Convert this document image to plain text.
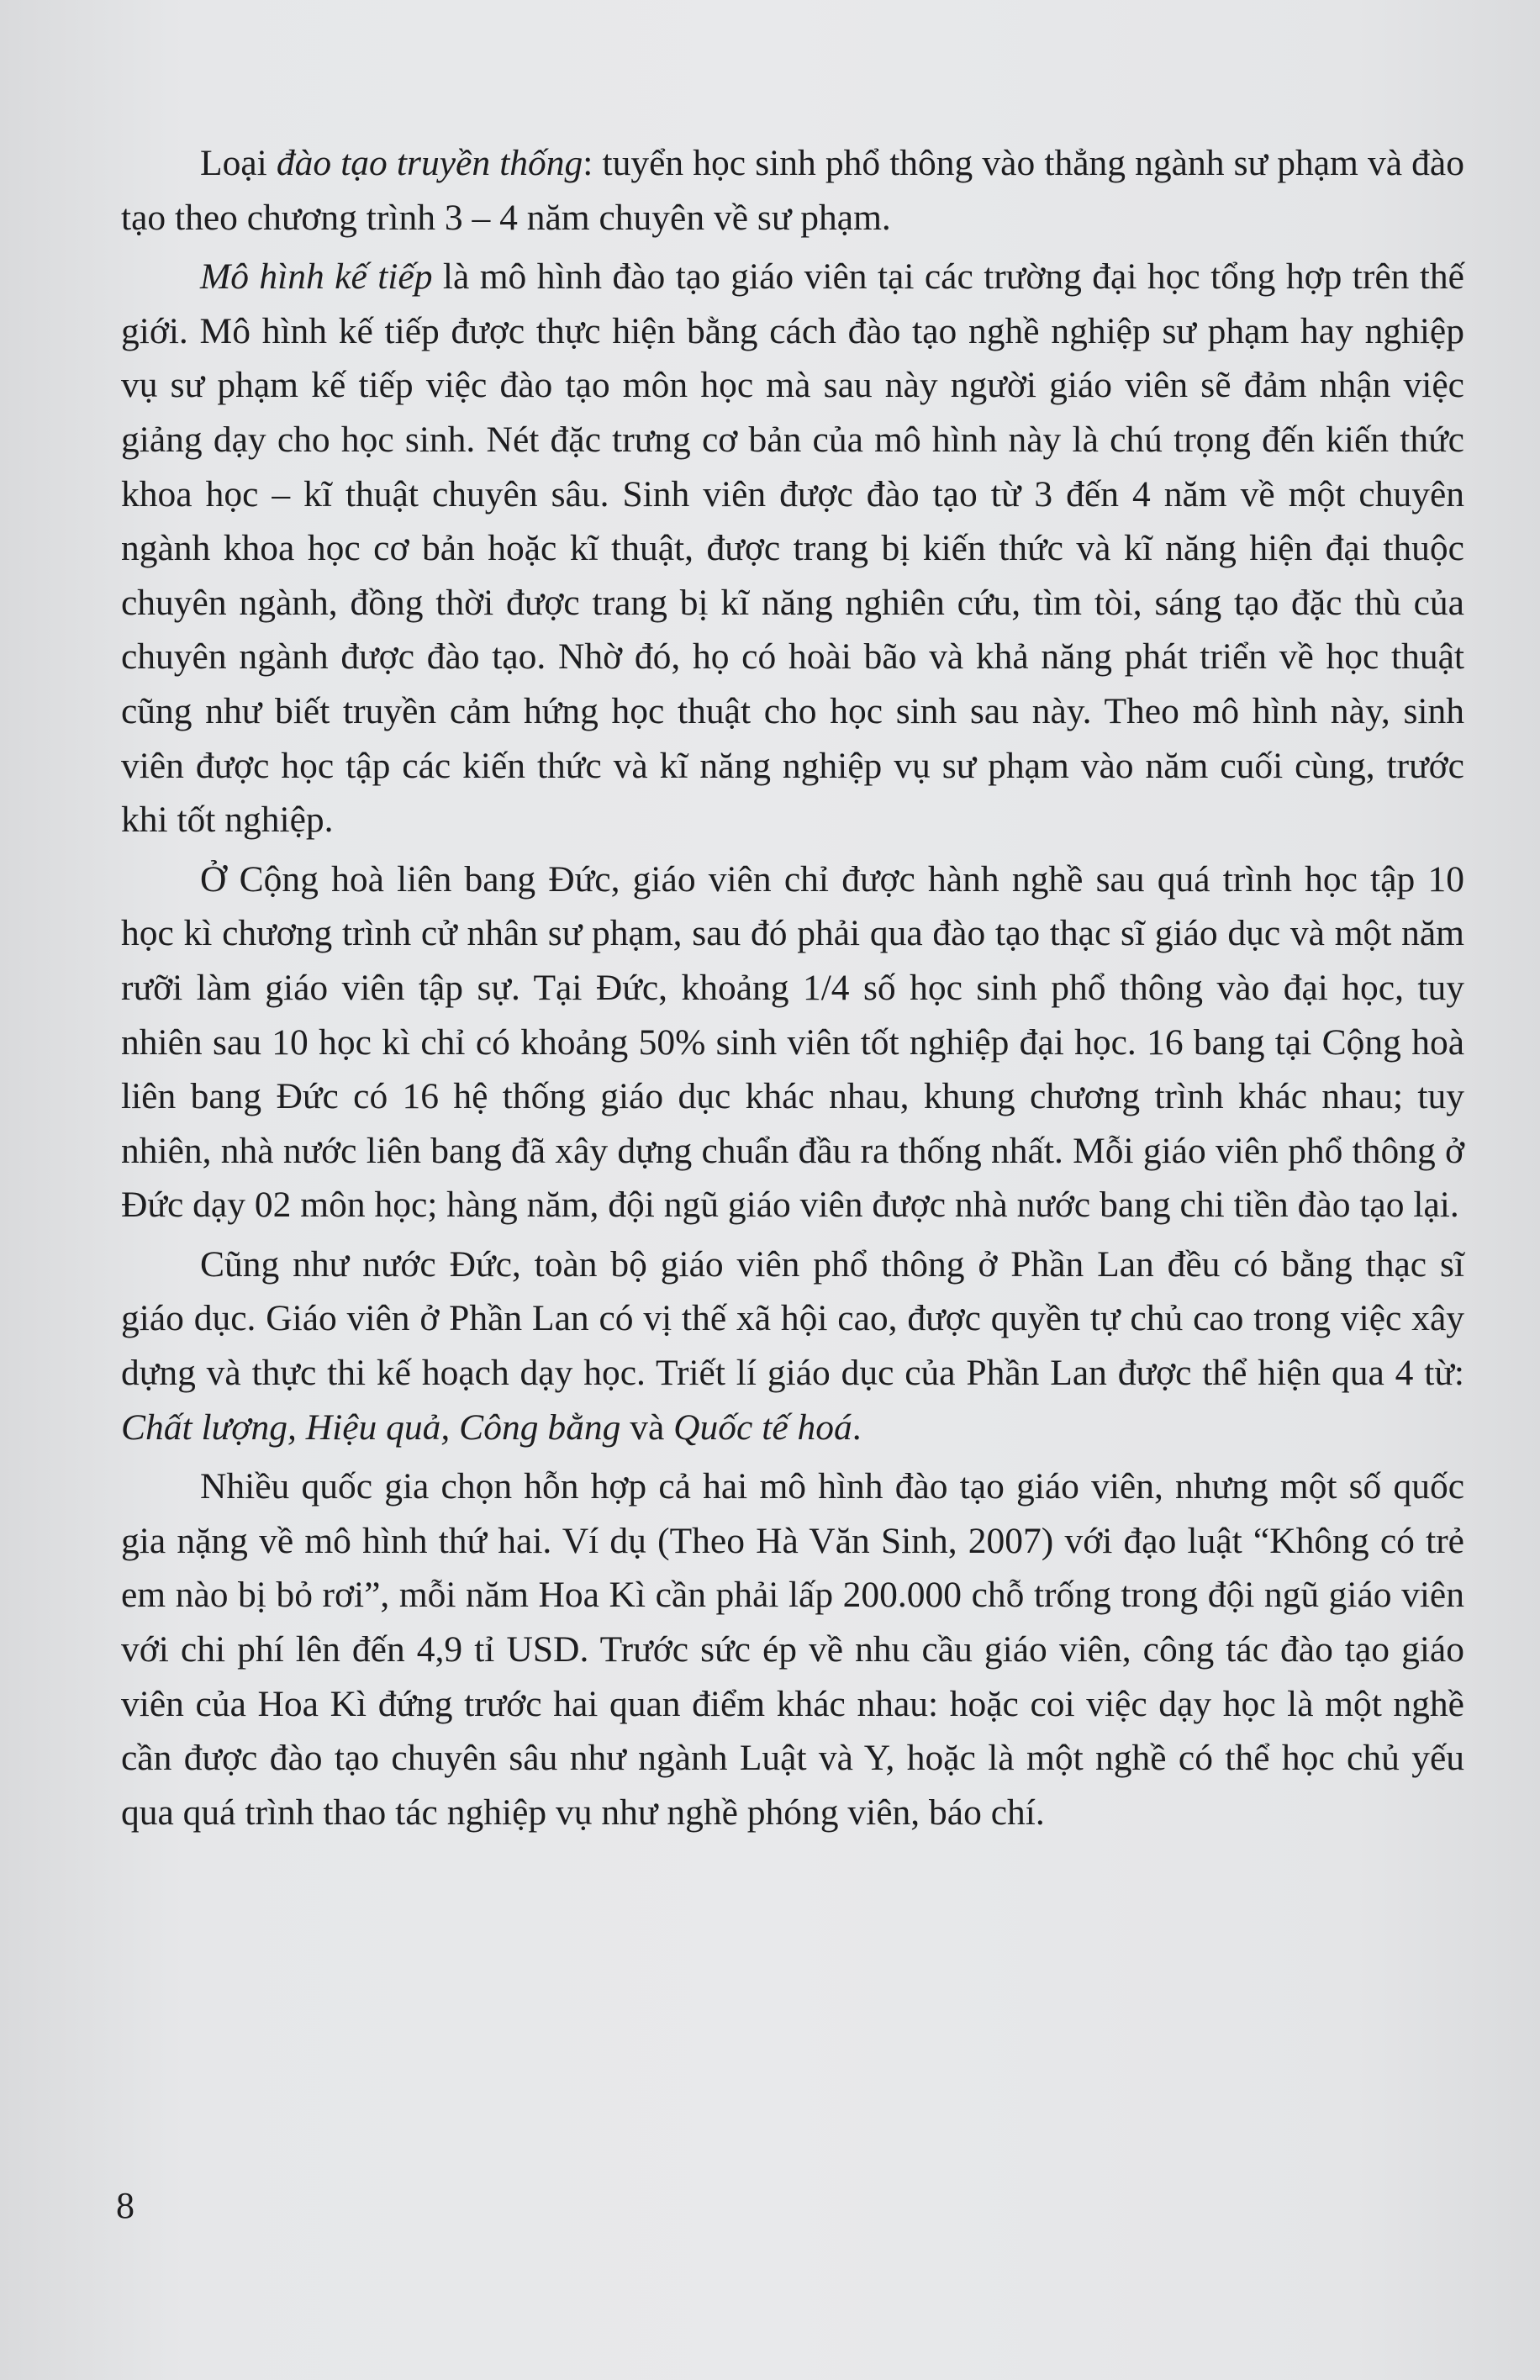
Loại đào tạo truyền thống: tuyển học sinh phổ thông vào thẳng ngành sư phạm và đào tạo theo chương trình 3 – 4 năm chuyên về sư phạm.

Mô hình kế tiếp là mô hình đào tạo giáo viên tại các trường đại học tổng hợp trên thế giới. Mô hình kế tiếp được thực hiện bằng cách đào tạo nghề nghiệp sư phạm hay nghiệp vụ sư phạm kế tiếp việc đào tạo môn học mà sau này người giáo viên sẽ đảm nhận việc giảng dạy cho học sinh. Nét đặc trưng cơ bản của mô hình này là chú trọng đến kiến thức khoa học – kĩ thuật chuyên sâu. Sinh viên được đào tạo từ 3 đến 4 năm về một chuyên ngành khoa học cơ bản hoặc kĩ thuật, được trang bị kiến thức và kĩ năng hiện đại thuộc chuyên ngành, đồng thời được trang bị kĩ năng nghiên cứu, tìm tòi, sáng tạo đặc thù của chuyên ngành được đào tạo. Nhờ đó, họ có hoài bão và khả năng phát triển về học thuật cũng như biết truyền cảm hứng học thuật cho học sinh sau này. Theo mô hình này, sinh viên được học tập các kiến thức và kĩ năng nghiệp vụ sư phạm vào năm cuối cùng, trước khi tốt nghiệp.

Ở Cộng hoà liên bang Đức, giáo viên chỉ được hành nghề sau quá trình học tập 10 học kì chương trình cử nhân sư phạm, sau đó phải qua đào tạo thạc sĩ giáo dục và một năm rưỡi làm giáo viên tập sự. Tại Đức, khoảng 1/4 số học sinh phổ thông vào đại học, tuy nhiên sau 10 học kì chỉ có khoảng 50% sinh viên tốt nghiệp đại học. 16 bang tại Cộng hoà liên bang Đức có 16 hệ thống giáo dục khác nhau, khung chương trình khác nhau; tuy nhiên, nhà nước liên bang đã xây dựng chuẩn đầu ra thống nhất. Mỗi giáo viên phổ thông ở Đức dạy 02 môn học; hàng năm, đội ngũ giáo viên được nhà nước bang chi tiền đào tạo lại.

Cũng như nước Đức, toàn bộ giáo viên phổ thông ở Phần Lan đều có bằng thạc sĩ giáo dục. Giáo viên ở Phần Lan có vị thế xã hội cao, được quyền tự chủ cao trong việc xây dựng và thực thi kế hoạch dạy học. Triết lí giáo dục của Phần Lan được thể hiện qua 4 từ: Chất lượng, Hiệu quả, Công bằng và Quốc tế hoá.

Nhiều quốc gia chọn hỗn hợp cả hai mô hình đào tạo giáo viên, nhưng một số quốc gia nặng về mô hình thứ hai. Ví dụ (Theo Hà Văn Sinh, 2007) với đạo luật “Không có trẻ em nào bị bỏ rơi”, mỗi năm Hoa Kì cần phải lấp 200.000 chỗ trống trong đội ngũ giáo viên với chi phí lên đến 4,9 tỉ USD. Trước sức ép về nhu cầu giáo viên, công tác đào tạo giáo viên của Hoa Kì đứng trước hai quan điểm khác nhau: hoặc coi việc dạy học là một nghề cần được đào tạo chuyên sâu như ngành Luật và Y, hoặc là một nghề có thể học chủ yếu qua quá trình thao tác nghiệp vụ như nghề phóng viên, báo chí.

8
